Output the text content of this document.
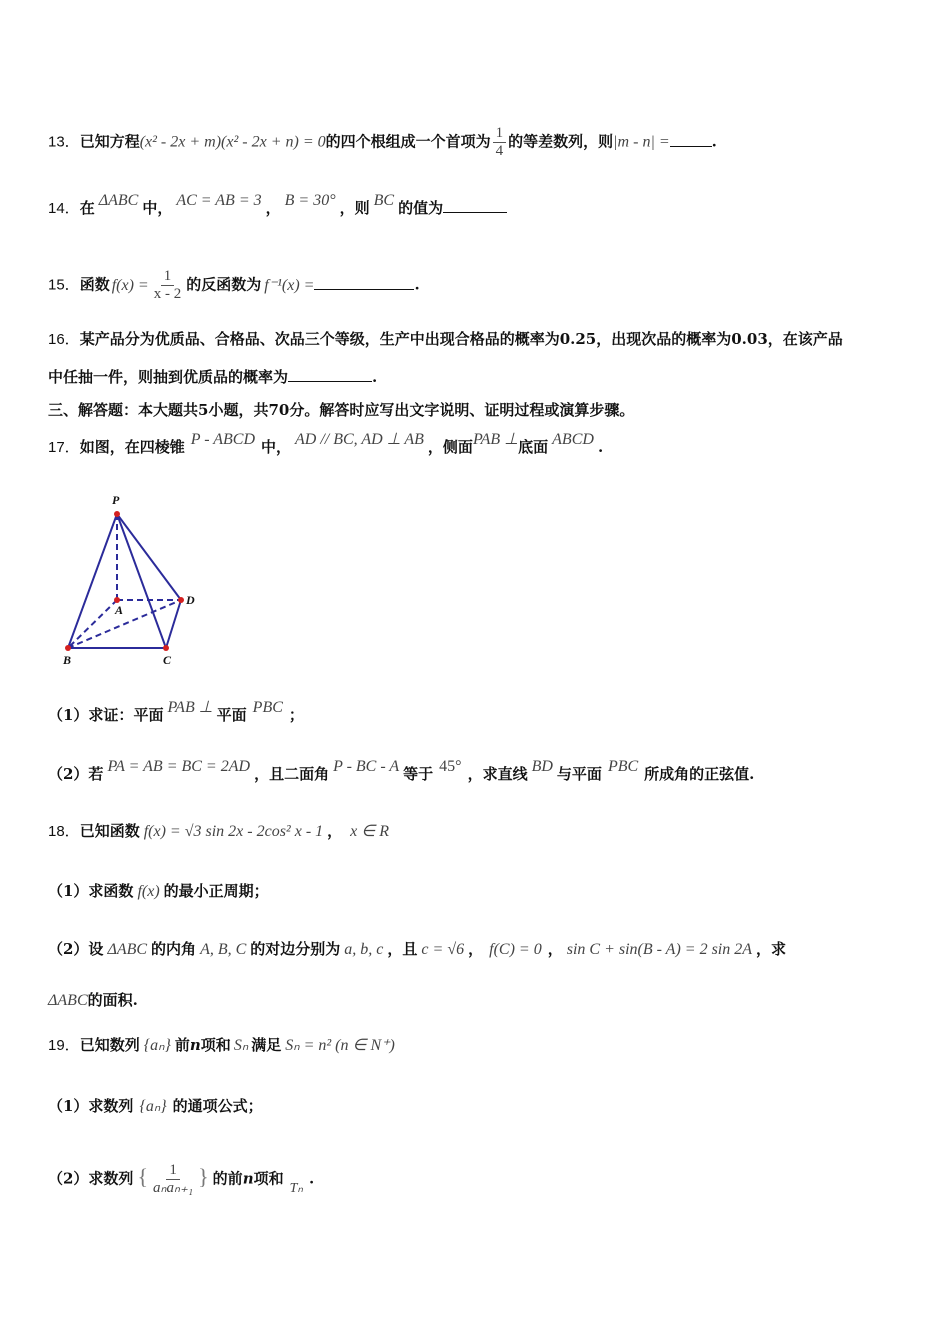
13．已知方程(x² - 2x + m)(x² - 2x + n) = 0的四个根组成一个首项为 $\frac{1}{4}$ 的等差数列，则|m - n| =	.
14．在 ΔABC 中， AC = AB = 3 ， B = 30° ，则 BC 的值为
15．函数 $f(x) = \frac{1}{x - 2}$ 的反函数为 f⁻¹(x) =	.
16．某产品分为优质品、合格品、次品三个等级，生产中出现合格品的概率为0.25，出现次品的概率为0.03，在该产品
中任抽一件，则抽到优质品的概率为	.
三、解答题：本大题共5小题，共70分。解答时应写出文字说明、证明过程或演算步骤。
17．如图，在四棱锥 P - ABCD 中， AD // BC, AD ⊥ AB ，侧面PAB ⊥底面 ABCD .
P
A
B	C
D
（1）求证：平面 PAB ⊥ 平面 PBC ；
（2）若 PA = AB = BC = 2AD ，且二面角 P - BC - A 等于 45° ，求直线 BD 与平面 PBC 所成角的正弦值.
18．已知函数 f(x) = √3 sin 2x - 2cos² x - 1 ， x ∈ R
（1）求函数 f(x) 的最小正周期；
（2）设 ΔABC 的内角 A, B, C 的对边分别为 a, b, c ，且 c = √6 ， f(C) = 0 ， sin C + sin(B - A) = 2 sin 2A ，求
ΔABC的面积.
19．已知数列 {aₙ} 前n项和 Sₙ 满足 Sₙ = n² (n ∈ N⁺)
（1）求数列 {aₙ} 的通项公式；
（2）求数列 { $\frac{1}{\text{aₙaₙ₊₁}}$ } 的前n项和Tₙ.
